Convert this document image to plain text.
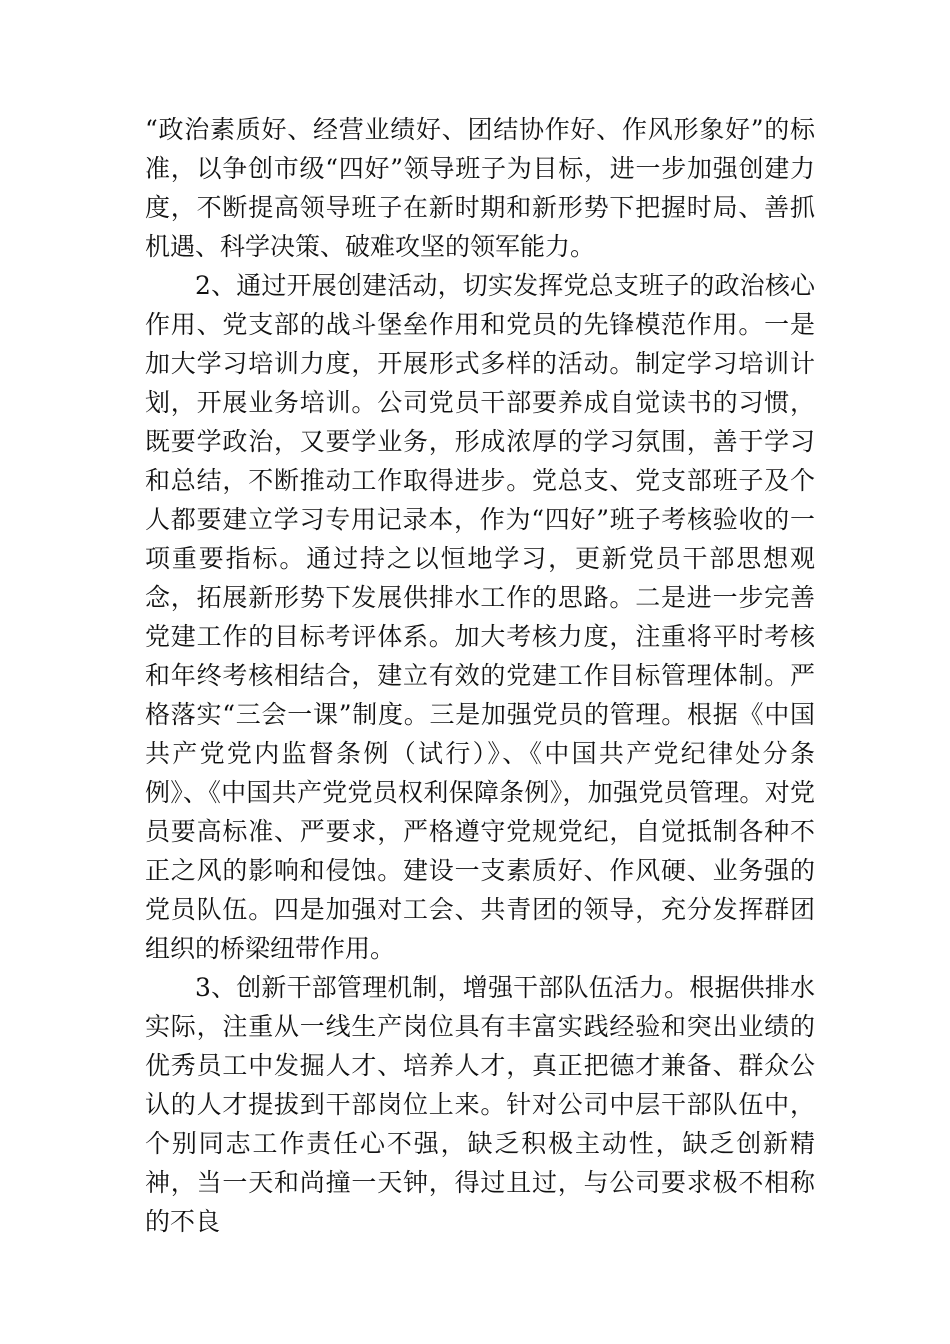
“政治素质好、经营业绩好、团结协作好、作风形象好”的标准，以争创市级“四好”领导班子为目标，进一步加强创建力度，不断提高领导班子在新时期和新形势下把握时局、善抓机遇、科学决策、破难攻坚的领军能力。

2、通过开展创建活动，切实发挥党总支班子的政治核心作用、党支部的战斗堡垒作用和党员的先锋模范作用。一是加大学习培训力度，开展形式多样的活动。制定学习培训计划，开展业务培训。公司党员干部要养成自觉读书的习惯，既要学政治，又要学业务，形成浓厚的学习氛围，善于学习和总结，不断推动工作取得进步。党总支、党支部班子及个人都要建立学习专用记录本，作为“四好”班子考核验收的一项重要指标。通过持之以恒地学习，更新党员干部思想观念，拓展新形势下发展供排水工作的思路。二是进一步完善党建工作的目标考评体系。加大考核力度，注重将平时考核和年终考核相结合，建立有效的党建工作目标管理体制。严格落实“三会一课”制度。三是加强党员的管理。根据《中国共产党党内监督条例（试行）》、《中国共产党纪律处分条例》、《中国共产党党员权利保障条例》，加强党员管理。对党员要高标准、严要求，严格遵守党规党纪，自觉抵制各种不正之风的影响和侵蚀。建设一支素质好、作风硬、业务强的党员队伍。四是加强对工会、共青团的领导，充分发挥群团组织的桥梁纽带作用。

3、创新干部管理机制，增强干部队伍活力。根据供排水实际，注重从一线生产岗位具有丰富实践经验和突出业绩的优秀员工中发掘人才、培养人才，真正把德才兼备、群众公认的人才提拔到干部岗位上来。针对公司中层干部队伍中，个别同志工作责任心不强，缺乏积极主动性，缺乏创新精神，当一天和尚撞一天钟，得过且过，与公司要求极不相称的不良
